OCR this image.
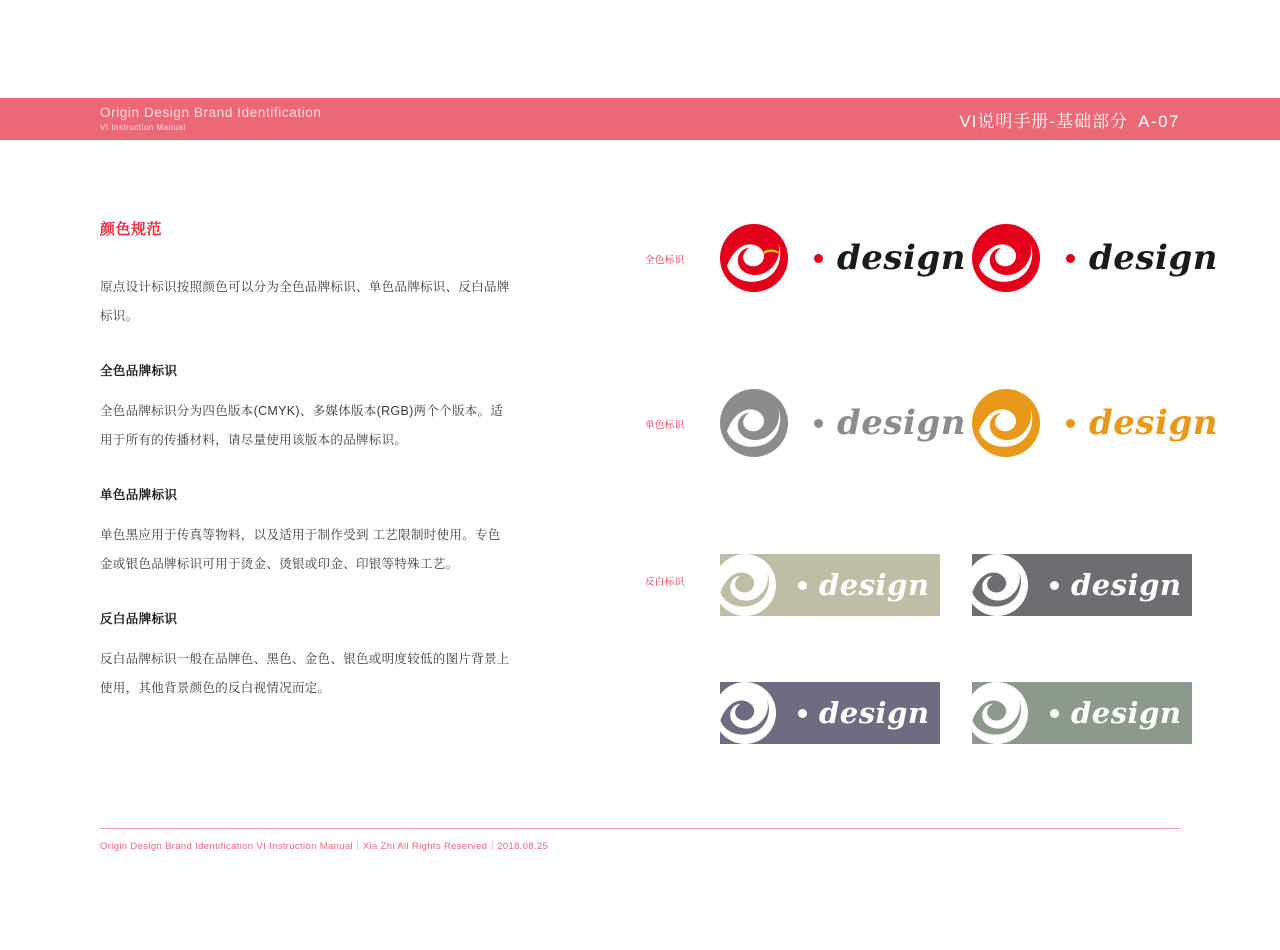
Origin Design Brand Identification
VI Instruction Manual	VI说明手册-基础部分 A-07
颜色规范

原点设计标识按照颜色可以分为全色品牌标识、单色品牌标识、反白品牌标识。

全色品牌标识

全色品牌标识分为四色版本(CMYK)、多媒体版本(RGB)两个个版本。适用于所有的传播材料，请尽量使用该版本的品牌标识。

单色品牌标识

单色黑应用于传真等物料，以及适用于制作受到 工艺限制时使用。专色金或银色品牌标识可用于烫金、烫银或印金、印银等特殊工艺。

反白品牌标识

反白品牌标识一般在品牌色、黑色、金色、银色或明度较低的图片背景上使用，其他背景颜色的反白视情况而定。

全色标识	design	design
单色标识	design	design
反白标识	design	design
design	design
Origin Design Brand Identification VI Instruction Manual｜Xia Zhi All Rights Reserved｜2018.08.25
